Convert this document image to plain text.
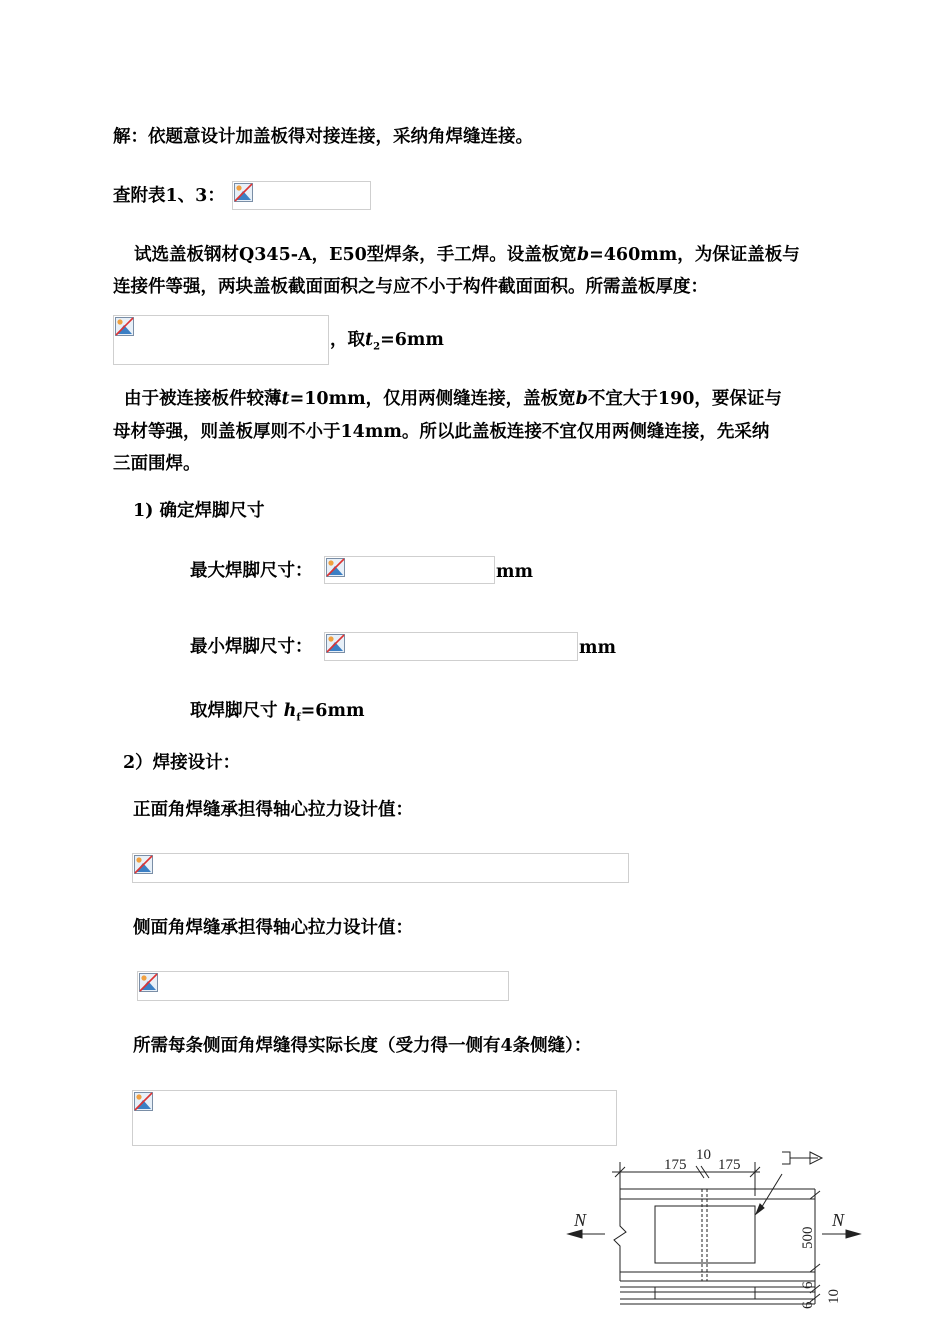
解：依题意设计加盖板得对接连接，采纳角焊缝连接。
查附表1、3：
试选盖板钢材Q345-A，E50型焊条，手工焊。设盖板宽b=460mm，为保证盖板与
连接件等强，两块盖板截面面积之与应不小于构件截面面积。所需盖板厚度：
，取$t_2=6mm$
由于被连接板件较薄t=10mm，仅用两侧缝连接，盖板宽b不宜大于190，要保证与
母材等强，则盖板厚则不小于14mm。所以此盖板连接不宜仅用两侧缝连接，先采纳
三面围焊。
1) 确定焊脚尺寸
最大焊脚尺寸：	mm
最小焊脚尺寸：	mm
取焊脚尺寸 $h_f=6mm$
2）焊接设计：
正面角焊缝承担得轴心拉力设计值：
侧面角焊缝承担得轴心拉力设计值：
所需每条侧面角焊缝得实际长度（受力得一侧有4条侧缝）：
175
10
175
N	N
500
6
10
6
